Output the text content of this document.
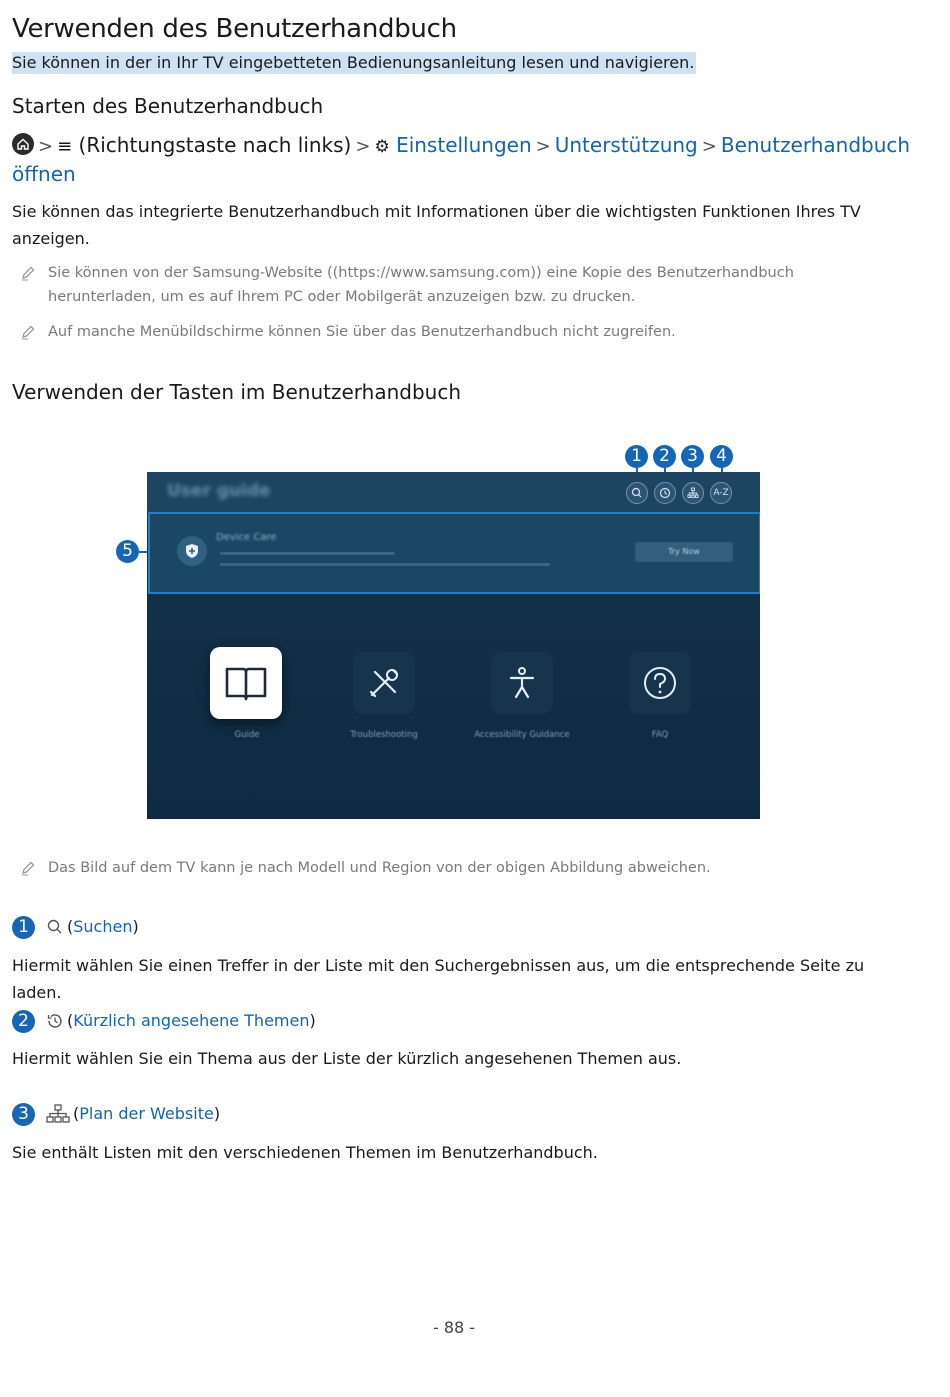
Verwenden des Benutzerhandbuch
Sie können in der in Ihr TV eingebetteten Bedienungsanleitung lesen und navigieren.
Starten des Benutzerhandbuch
> ≡ (Richtungstaste nach links) > ⚙ Einstellungen > Unterstützung > Benutzerhandbuch
öffnen
Sie können das integrierte Benutzerhandbuch mit Informationen über die wichtigsten Funktionen Ihres TV anzeigen.
Sie können von der Samsung-Website ((https://www.samsung.com)) eine Kopie des Benutzerhandbuch herunterladen, um es auf Ihrem PC oder Mobilgerät anzuzeigen bzw. zu drucken.
Auf manche Menübildschirme können Sie über das Benutzerhandbuch nicht zugreifen.
Verwenden der Tasten im Benutzerhandbuch
1	2	3	4
5
User guide	A-Z
Device Care
Try Now
Guide	Troubleshooting	Accessibility Guidance	FAQ
Das Bild auf dem TV kann je nach Modell und Region von der obigen Abbildung abweichen.
1	( Suchen )
Hiermit wählen Sie einen Treffer in der Liste mit den Suchergebnissen aus, um die entsprechende Seite zu laden.
2	( Kürzlich angesehene Themen )
Hiermit wählen Sie ein Thema aus der Liste der kürzlich angesehenen Themen aus.
3	( Plan der Website )
Sie enthält Listen mit den verschiedenen Themen im Benutzerhandbuch.
- 88 -
